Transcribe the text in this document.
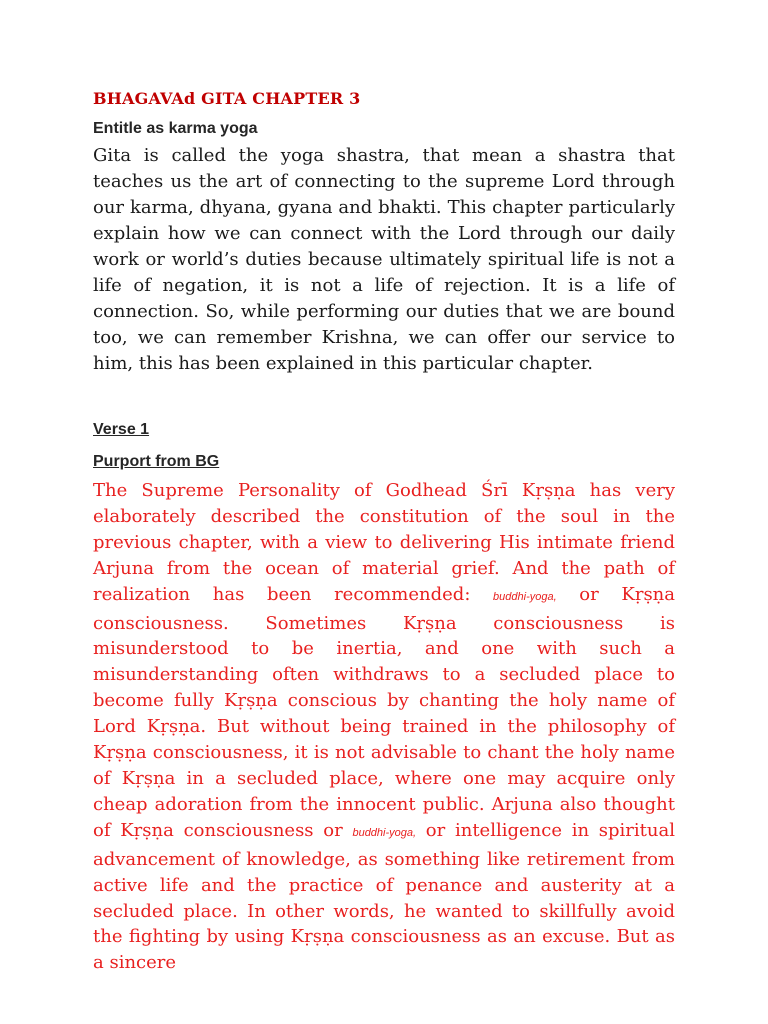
BHAGAVAd GITA CHAPTER 3

Entitle as karma yoga

Gita is called the yoga shastra, that mean a shastra that teaches us the art of connecting to the supreme Lord through our karma, dhyana, gyana and bhakti. This chapter particularly explain how we can connect with the Lord through our daily work or world’s duties because ultimately spiritual life is not a life of negation, it is not a life of rejection. It is a life of connection. So, while performing our duties that we are bound too, we can remember Krishna, we can offer our service to him, this has been explained in this particular chapter.

Verse 1

Purport from BG

The Supreme Personality of Godhead Śrī Kṛṣṇa has very elaborately described the constitution of the soul in the previous chapter, with a view to delivering His intimate friend Arjuna from the ocean of material grief. And the path of realization has been recommended: buddhi-yoga, or Kṛṣṇa consciousness. Sometimes Kṛṣṇa consciousness is misunderstood to be inertia, and one with such a misunderstanding often withdraws to a secluded place to become fully Kṛṣṇa conscious by chanting the holy name of Lord Kṛṣṇa. But without being trained in the philosophy of Kṛṣṇa consciousness, it is not advisable to chant the holy name of Kṛṣṇa in a secluded place, where one may acquire only cheap adoration from the innocent public. Arjuna also thought of Kṛṣṇa consciousness or buddhi-yoga, or intelligence in spiritual advancement of knowledge, as something like retirement from active life and the practice of penance and austerity at a secluded place. In other words, he wanted to skillfully avoid the fighting by using Kṛṣṇa consciousness as an excuse. But as a sincere
